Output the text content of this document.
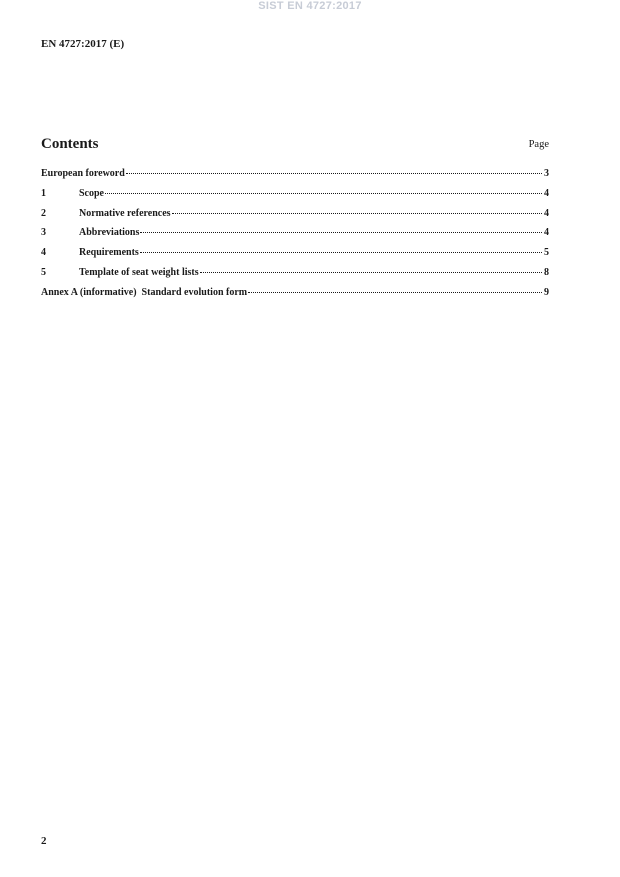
SIST EN 4727:2017
EN 4727:2017 (E)
Contents	Page
European foreword	3
1	Scope	4
2	Normative references	4
3	Abbreviations	4
4	Requirements	5
5	Template of seat weight lists	8
Annex A (informative)  Standard evolution form	9
2
